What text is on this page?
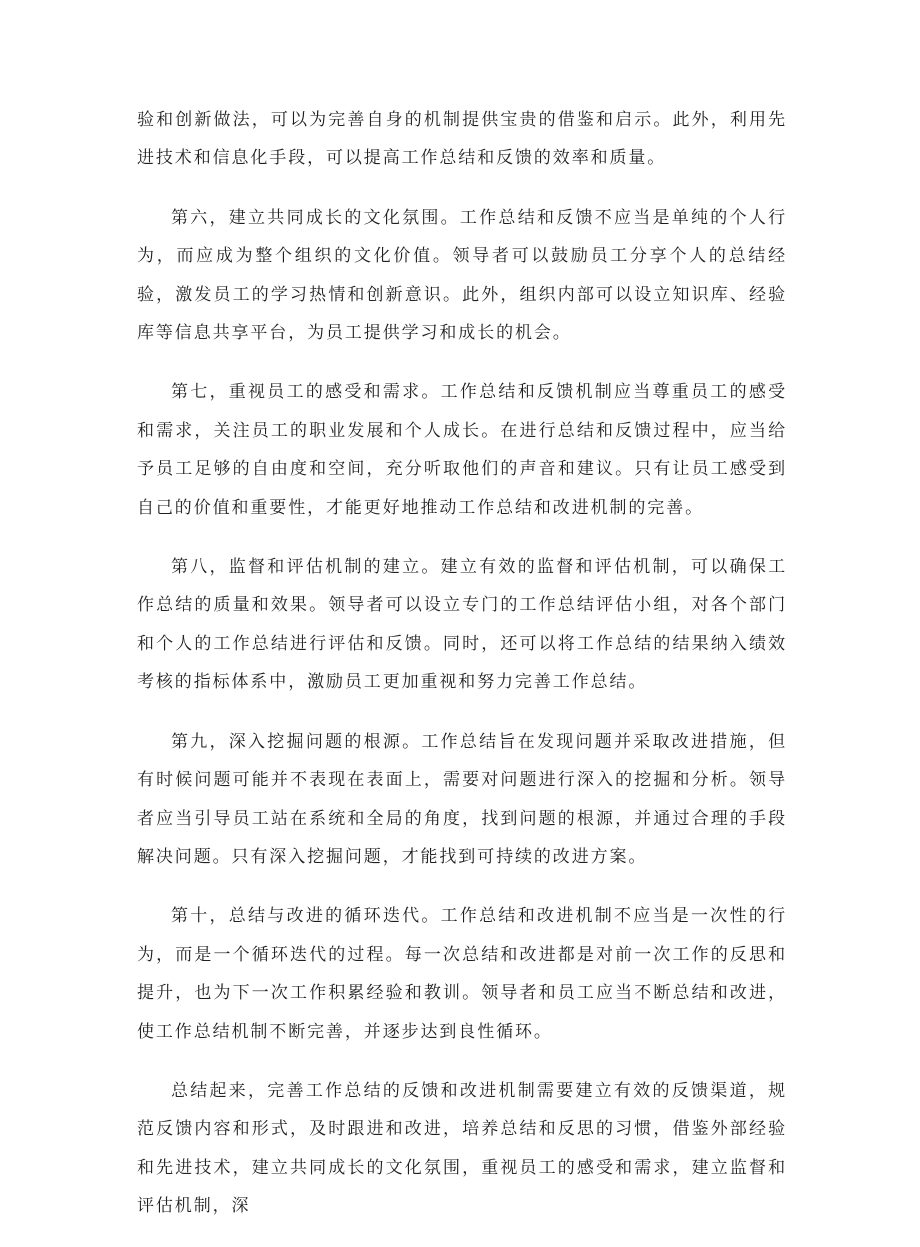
验和创新做法，可以为完善自身的机制提供宝贵的借鉴和启示。此外，利用先进技术和信息化手段，可以提高工作总结和反馈的效率和质量。

第六，建立共同成长的文化氛围。工作总结和反馈不应当是单纯的个人行为，而应成为整个组织的文化价值。领导者可以鼓励员工分享个人的总结经验，激发员工的学习热情和创新意识。此外，组织内部可以设立知识库、经验库等信息共享平台，为员工提供学习和成长的机会。

第七，重视员工的感受和需求。工作总结和反馈机制应当尊重员工的感受和需求，关注员工的职业发展和个人成长。在进行总结和反馈过程中，应当给予员工足够的自由度和空间，充分听取他们的声音和建议。只有让员工感受到自己的价值和重要性，才能更好地推动工作总结和改进机制的完善。

第八，监督和评估机制的建立。建立有效的监督和评估机制，可以确保工作总结的质量和效果。领导者可以设立专门的工作总结评估小组，对各个部门和个人的工作总结进行评估和反馈。同时，还可以将工作总结的结果纳入绩效考核的指标体系中，激励员工更加重视和努力完善工作总结。

第九，深入挖掘问题的根源。工作总结旨在发现问题并采取改进措施，但有时候问题可能并不表现在表面上，需要对问题进行深入的挖掘和分析。领导者应当引导员工站在系统和全局的角度，找到问题的根源，并通过合理的手段解决问题。只有深入挖掘问题，才能找到可持续的改进方案。

第十，总结与改进的循环迭代。工作总结和改进机制不应当是一次性的行为，而是一个循环迭代的过程。每一次总结和改进都是对前一次工作的反思和提升，也为下一次工作积累经验和教训。领导者和员工应当不断总结和改进，使工作总结机制不断完善，并逐步达到良性循环。

总结起来，完善工作总结的反馈和改进机制需要建立有效的反馈渠道，规范反馈内容和形式，及时跟进和改进，培养总结和反思的习惯，借鉴外部经验和先进技术，建立共同成长的文化氛围，重视员工的感受和需求，建立监督和评估机制，深
